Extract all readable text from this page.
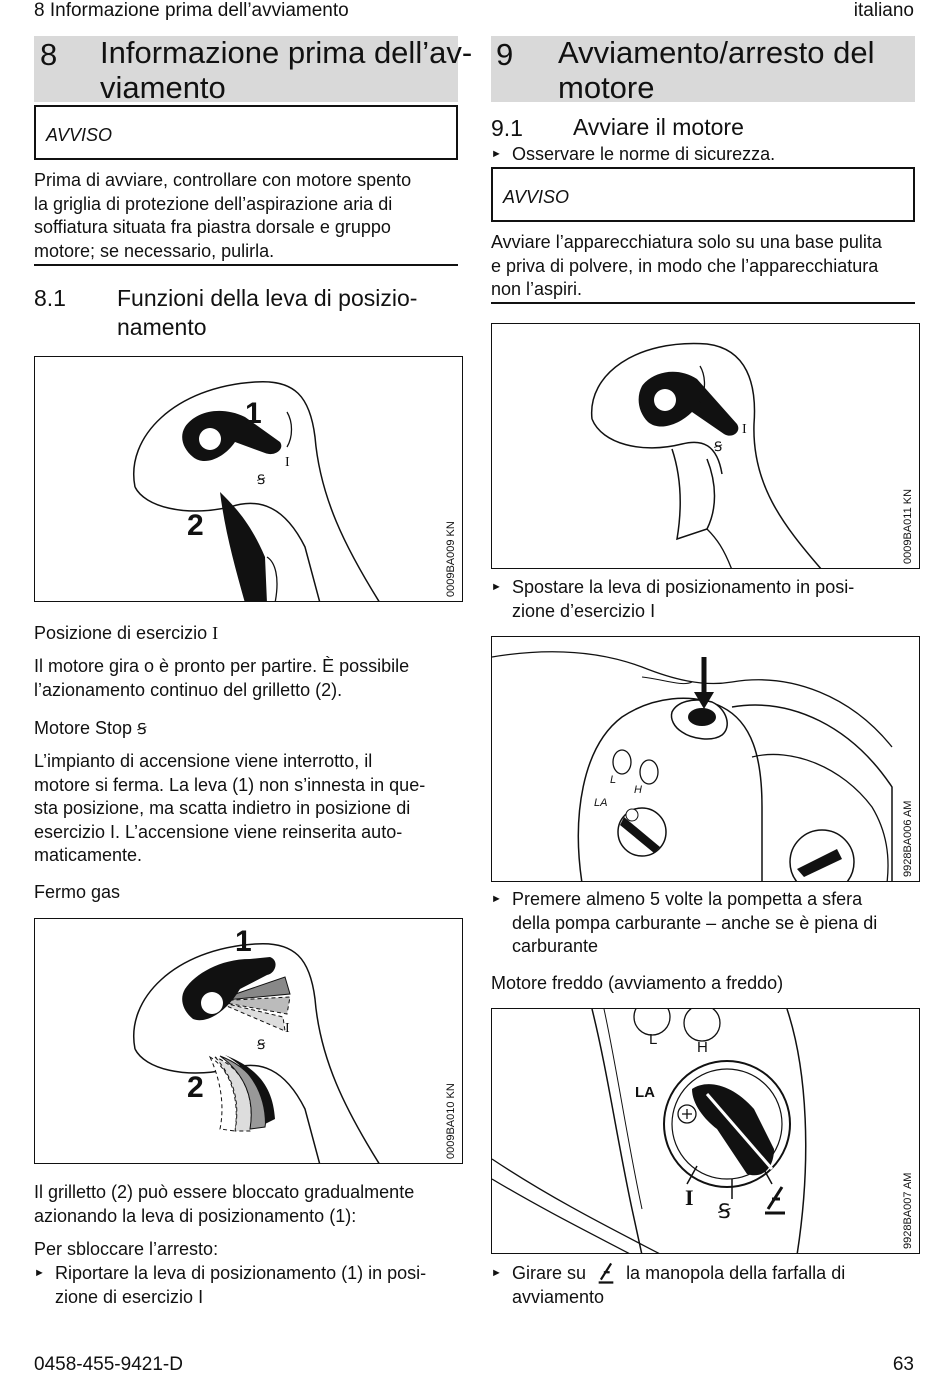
8 Informazione prima dell’avviamento	italiano
8 Informazione prima dell’av-
viamento
AVVISO
Prima di avviare, controllare con motore spento
la griglia di protezione dell’aspirazione aria di
soffiatura situata fra piastra dorsale e gruppo
motore; se necessario, pulirla.
8.1 Funzioni della leva di posizio-
namento
1
2
I
Ꞩ
0009BA009 KN
Posizione di esercizio I
Il motore gira o è pronto per partire. È possibile
l’azionamento continuo del grilletto (2).
Motore Stop Ꞩ
L’impianto di accensione viene interrotto, il
motore si ferma. La leva (1) non s’innesta in que-
sta posizione, ma scatta indietro in posizione di
esercizio I. L’accensione viene reinserita auto-
maticamente.
Fermo gas
1
2
I
Ꞩ
0009BA010 KN
Il grilletto (2) può essere bloccato gradualmente
azionando la leva di posizionamento (1):
Per sbloccare l’arresto:
► Riportare la leva di posizionamento (1) in posi-
zione di esercizio I
9 Avviamento/arresto del
motore
9.1 Avviare il motore
► Osservare le norme di sicurezza.
AVVISO
Avviare l’apparecchiatura solo su una base pulita
e priva di polvere, in modo che l’apparecchiatura
non l’aspiri.
I
Ꞩ
0009BA011 KN
► Spostare la leva di posizionamento in posi-
zione d’esercizio I
L
H
LA	9928BA006 AM
► Premere almeno 5 volte la pompetta a sfera
della pompa carburante – anche se è piena di
carburante
Motore freddo (avviamento a freddo)
L	H
LA
I
Ꞩ	9928BA007 AM
► Girare su la manopola della farfalla di
avviamento
0458-455-9421-D	63
